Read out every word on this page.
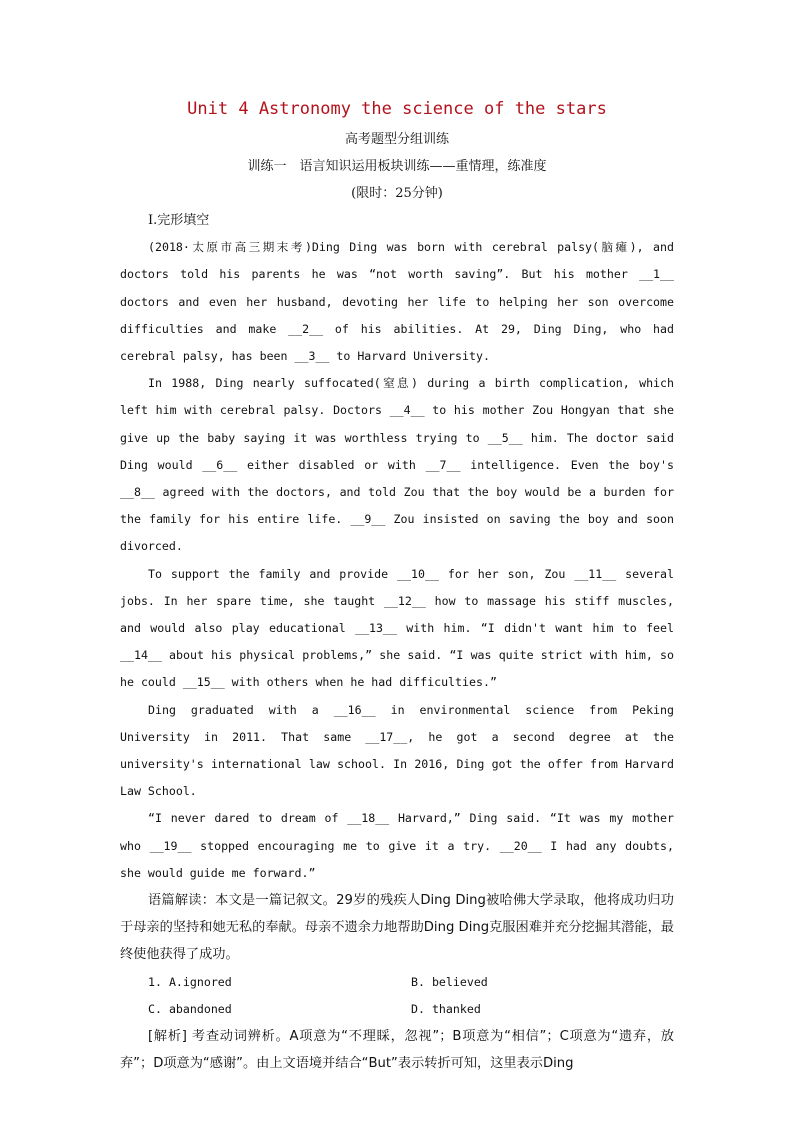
Unit 4 Astronomy the science of the stars
高考题型分组训练
训练一　语言知识运用板块训练——重情理，练准度
(限时：25分钟)
Ⅰ.完形填空
(2018·太原市高三期末考)Ding Ding was born with cerebral palsy(脑瘫), and doctors told his parents he was “not worth saving”. But his mother __1__ doctors and even her husband, devoting her life to helping her son overcome difficulties and make __2__ of his abilities. At 29, Ding Ding, who had cerebral palsy, has been __3__ to Harvard University.
In 1988, Ding nearly suffocated(窒息) during a birth complication, which left him with cerebral palsy. Doctors __4__ to his mother Zou Hongyan that she give up the baby saying it was worthless trying to __5__ him. The doctor said Ding would __6__ either disabled or with __7__ intelligence. Even the boy's __8__ agreed with the doctors, and told Zou that the boy would be a burden for the family for his entire life. __9__ Zou insisted on saving the boy and soon divorced.
To support the family and provide __10__ for her son, Zou __11__ several jobs. In her spare time, she taught __12__ how to massage his stiff muscles, and would also play educational __13__ with him. “I didn't want him to feel __14__ about his physical problems,” she said. “I was quite strict with him, so he could __15__ with others when he had difficulties.”
Ding graduated with a __16__ in environmental science from Peking University in 2011. That same __17__, he got a second degree at the university's international law school. In 2016, Ding got the offer from Harvard Law School.
“I never dared to dream of __18__ Harvard,” Ding said. “It was my mother who __19__ stopped encouraging me to give it a try. __20__ I had any doubts, she would guide me forward.”
语篇解读：本文是一篇记叙文。29岁的残疾人Ding Ding被哈佛大学录取，他将成功归功于母亲的坚持和她无私的奉献。母亲不遗余力地帮助Ding Ding克服困难并充分挖掘其潜能，最终使他获得了成功。
1. A.ignored	B. believed
C. abandoned	D. thanked
[解析] 考查动词辨析。A项意为“不理睬，忽视”；B项意为“相信”；C项意为“遗弃，放弃”；D项意为“感谢”。由上文语境并结合“But”表示转折可知，这里表示Ding
